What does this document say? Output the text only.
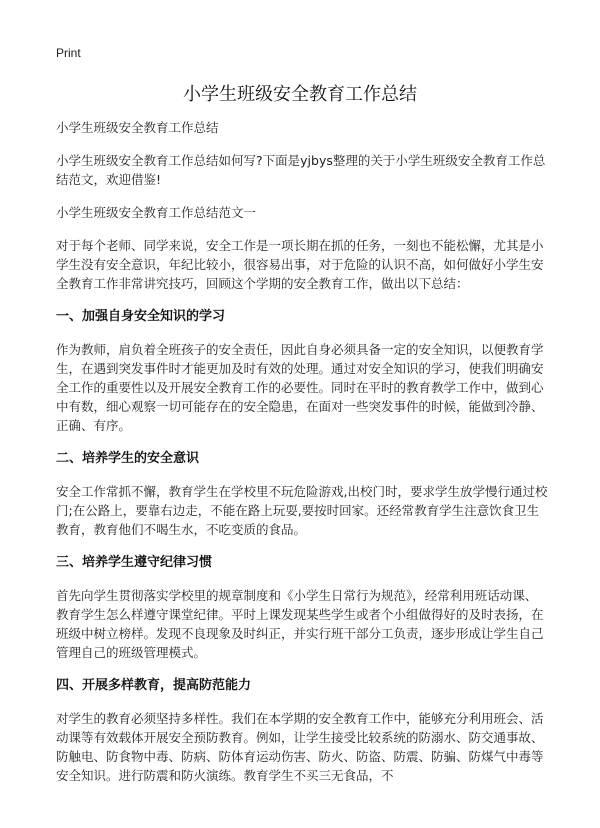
Print
小学生班级安全教育工作总结

小学生班级安全教育工作总结

小学生班级安全教育工作总结如何写?下面是yjbys整理的关于小学生班级安全教育工作总结范文，欢迎借鉴!

小学生班级安全教育工作总结范文一

对于每个老师、同学来说，安全工作是一项长期在抓的任务，一刻也不能松懈，尤其是小学生没有安全意识，年纪比较小，很容易出事，对于危险的认识不高，如何做好小学生安全教育工作非常讲究技巧，回顾这个学期的安全教育工作，做出以下总结：

一、加强自身安全知识的学习

作为教师，肩负着全班孩子的安全责任，因此自身必须具备一定的安全知识，以便教育学生，在遇到突发事件时才能更加及时有效的处理。通过对安全知识的学习，使我们明确安全工作的重要性以及开展安全教育工作的必要性。同时在平时的教育教学工作中，做到心中有数，细心观察一切可能存在的安全隐患，在面对一些突发事件的时候，能做到冷静、正确、有序。

二、培养学生的安全意识

安全工作常抓不懈，教育学生在学校里不玩危险游戏,出校门时，要求学生放学慢行通过校门;在公路上，要靠右边走，不能在路上玩耍,要按时回家。还经常教育学生注意饮食卫生教育，教育他们不喝生水，不吃变质的食品。

三、培养学生遵守纪律习惯

首先向学生贯彻落实学校里的规章制度和《小学生日常行为规范》，经常利用班话动课、教育学生怎么样遵守课堂纪律。平时上课发现某些学生或者个小组做得好的及时表扬，在班级中树立榜样。发现不良现象及时纠正，并实行班干部分工负责，逐步形成让学生自己管理自己的班级管理模式。

四、开展多样教育，提高防范能力

对学生的教育必须坚持多样性。我们在本学期的安全教育工作中，能够充分利用班会、活动课等有效载体开展安全预防教育。例如，让学生接受比较系统的防溺水、防交通事故、防触电、防食物中毒、防病、防体育运动伤害、防火、防盗、防震、防骗、防煤气中毒等安全知识。进行防震和防火演练。教育学生不买三无食品，不
